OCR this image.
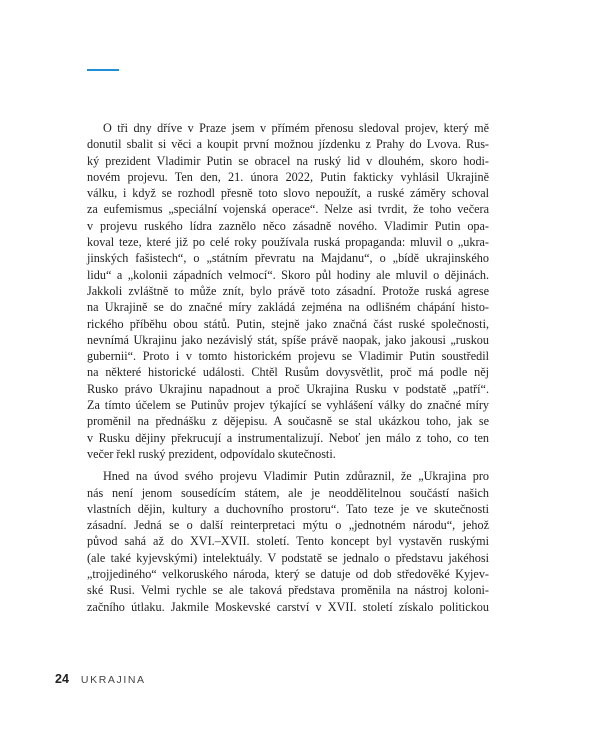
O tři dny dříve v Praze jsem v přímém přenosu sledoval projev, který mě
donutil sbalit si věci a koupit první možnou jízdenku z Prahy do Lvova. Rus-
ký prezident Vladimir Putin se obracel na ruský lid v dlouhém, skoro hodi-
novém projevu. Ten den, 21. února 2022, Putin fakticky vyhlásil Ukrajině
válku, i když se rozhodl přesně toto slovo nepoužít, a ruské záměry schoval
za eufemismus „speciální vojenská operace“. Nelze asi tvrdit, že toho večera
v projevu ruského lídra zaznělo něco zásadně nového. Vladimir Putin opa-
koval teze, které již po celé roky používala ruská propaganda: mluvil o „ukra-
jinských fašistech“, o „státním převratu na Majdanu“, o „bídě ukrajinského
lidu“ a „kolonii západních velmocí“. Skoro půl hodiny ale mluvil o dějinách.
Jakkoli zvláštně to může znít, bylo právě toto zásadní. Protože ruská agrese
na Ukrajině se do značné míry zakládá zejména na odlišném chápání histo-
rického příběhu obou států. Putin, stejně jako značná část ruské společnosti,
nevnímá Ukrajinu jako nezávislý stát, spíše právě naopak, jako jakousi „ruskou
gubernii“. Proto i v tomto historickém projevu se Vladimir Putin soustředil
na některé historické události. Chtěl Rusům dovysvětlit, proč má podle něj
Rusko právo Ukrajinu napadnout a proč Ukrajina Rusku v podstatě „patří“.
Za tímto účelem se Putinův projev týkající se vyhlášení války do značné míry
proměnil na přednášku z dějepisu. A současně se stal ukázkou toho, jak se
v Rusku dějiny překrucují a instrumentalizují. Neboť jen málo z toho, co ten
večer řekl ruský prezident, odpovídalo skutečnosti.
Hned na úvod svého projevu Vladimir Putin zdůraznil, že „Ukrajina pro
nás není jenom sousedícím státem, ale je neoddělitelnou součástí našich
vlastních dějin, kultury a duchovního prostoru“. Tato teze je ve skutečnosti
zásadní. Jedná se o další reinterpretaci mýtu o „jednotném národu“, jehož
původ sahá až do XVI.–XVII. století. Tento koncept byl vystavěn ruskými
(ale také kyjevskými) intelektuály. V podstatě se jednalo o představu jakéhosi
„trojjediného“ velkoruského národa, který se datuje od dob středověké Kyjev-
ské Rusi. Velmi rychle se ale taková představa proměnila na nástroj koloni-
začního útlaku. Jakmile Moskevské carství v XVII. století získalo politickou
24 UKRAJINA
